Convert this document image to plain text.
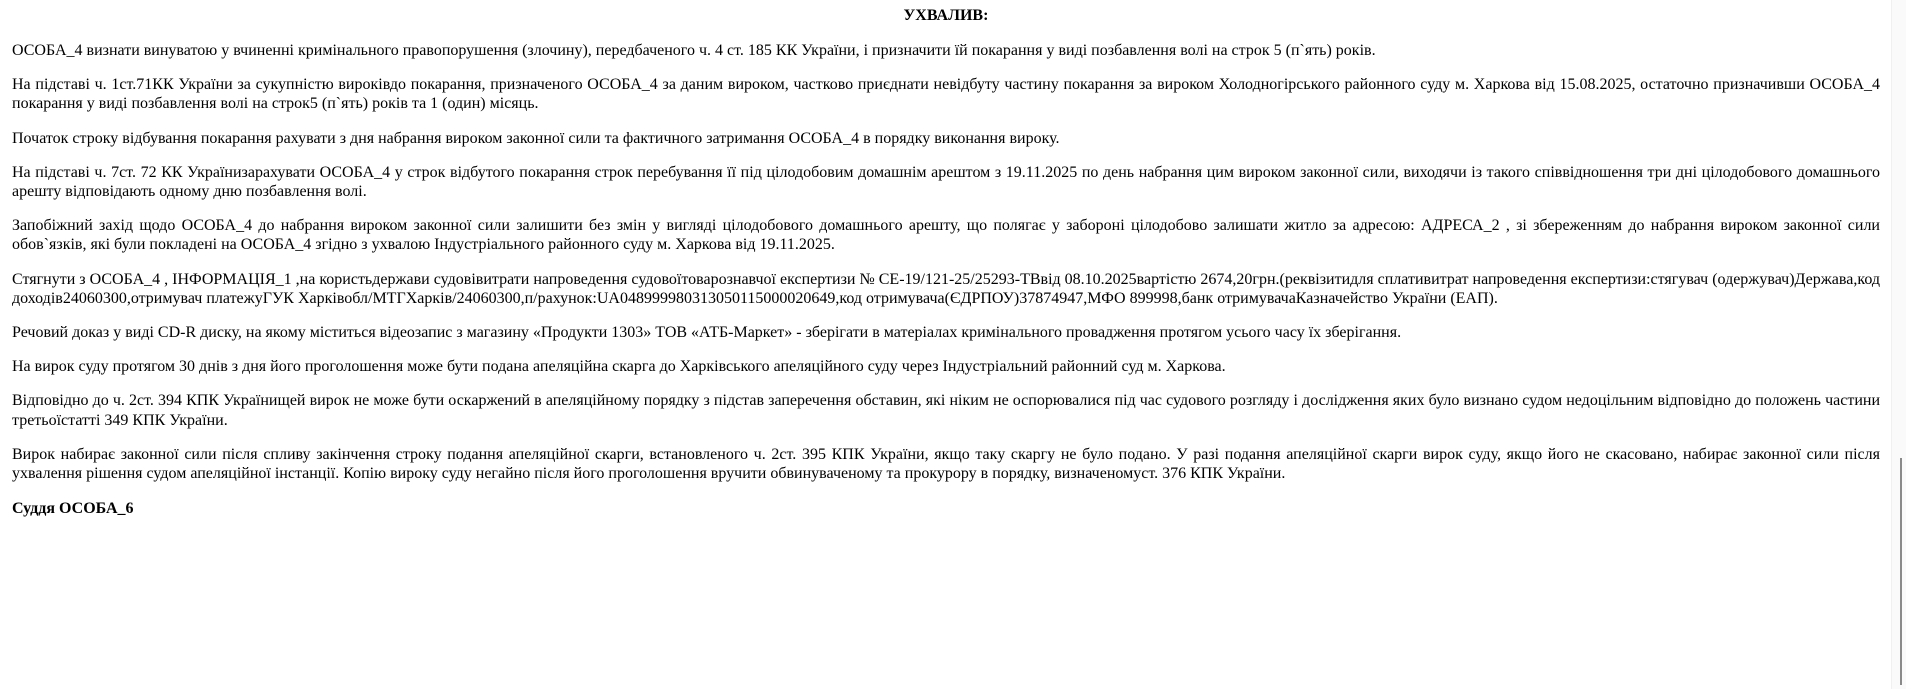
УХВАЛИВ:

ОСОБА_4 визнати винуватою у вчиненні кримінального правопорушення (злочину), передбаченого ч. 4 ст. 185 КК України, і призначити їй покарання у виді позбавлення волі на строк 5 (п`ять) років.

На підставі ч. 1ст.71КК України за сукупністю вироківдо покарання, призначеного ОСОБА_4 за даним вироком, частково приєднати невідбуту частину покарання за вироком Холодногірського районного суду м. Харкова від 15.08.2025, остаточно призначивши ОСОБА_4 покарання у виді позбавлення волі на строк5 (п`ять) років та 1 (один) місяць.

Початок строку відбування покарання рахувати з дня набрання вироком законної сили та фактичного затримання ОСОБА_4 в порядку виконання вироку.

На підставі ч. 7ст. 72 КК Українизарахувати ОСОБА_4 у строк відбутого покарання строк перебування її під цілодобовим домашнім арештом з 19.11.2025 по день набрання цим вироком законної сили, виходячи із такого співвідношення три дні цілодобового домашнього арешту відповідають одному дню позбавлення волі.

Запобіжний захід щодо ОСОБА_4 до набрання вироком законної сили залишити без змін у вигляді цілодобового домашнього арешту, що полягає у забороні цілодобово залишати житло за адресою: АДРЕСА_2 , зі збереженням до набрання вироком законної сили обов`язків, які були покладені на ОСОБА_4 згідно з ухвалою Індустріального районного суду м. Харкова від 19.11.2025.

Стягнути з ОСОБА_4 , ІНФОРМАЦІЯ_1 ,на користьдержави судовівитрати напроведення судовоїтоварознавчої експертизи № СЕ-19/121-25/25293-ТВвід 08.10.2025вартістю 2674,20грн.(реквізитидля сплативитрат напроведення експертизи:стягувач (одержувач)Держава,код доходів24060300,отримувач платежуГУК Харківобл/МТГХарків/24060300,п/рахунок:UA048999980313050115000020649,код отримувача(ЄДРПОУ)37874947,МФО 899998,банк отримувачаКазначейство України (ЕАП).

Речовий доказ у виді CD-R диску, на якому міститься відеозапис з магазину «Продукти 1303» ТОВ «АТБ-Маркет» - зберігати в матеріалах кримінального провадження протягом усього часу їх зберігання.

На вирок суду протягом 30 днів з дня його проголошення може бути подана апеляційна скарга до Харківського апеляційного суду через Індустріальний районний суд м. Харкова.

Відповідно до ч. 2ст. 394 КПК Українищей вирок не може бути оскаржений в апеляційному порядку з підстав заперечення обставин, які ніким не оспорювалися під час судового розгляду і дослідження яких було визнано судом недоцільним відповідно до положень частини третьоїстатті 349 КПК України.

Вирок набирає законної сили після спливу закінчення строку подання апеляційної скарги, встановленого ч. 2ст. 395 КПК України, якщо таку скаргу не було подано. У разі подання апеляційної скарги вирок суду, якщо його не скасовано, набирає законної сили після ухвалення рішення судом апеляційної інстанції. Копію вироку суду негайно після його проголошення вручити обвинуваченому та прокурору в порядку, визначеномуст. 376 КПК України.

Суддя ОСОБА_6
